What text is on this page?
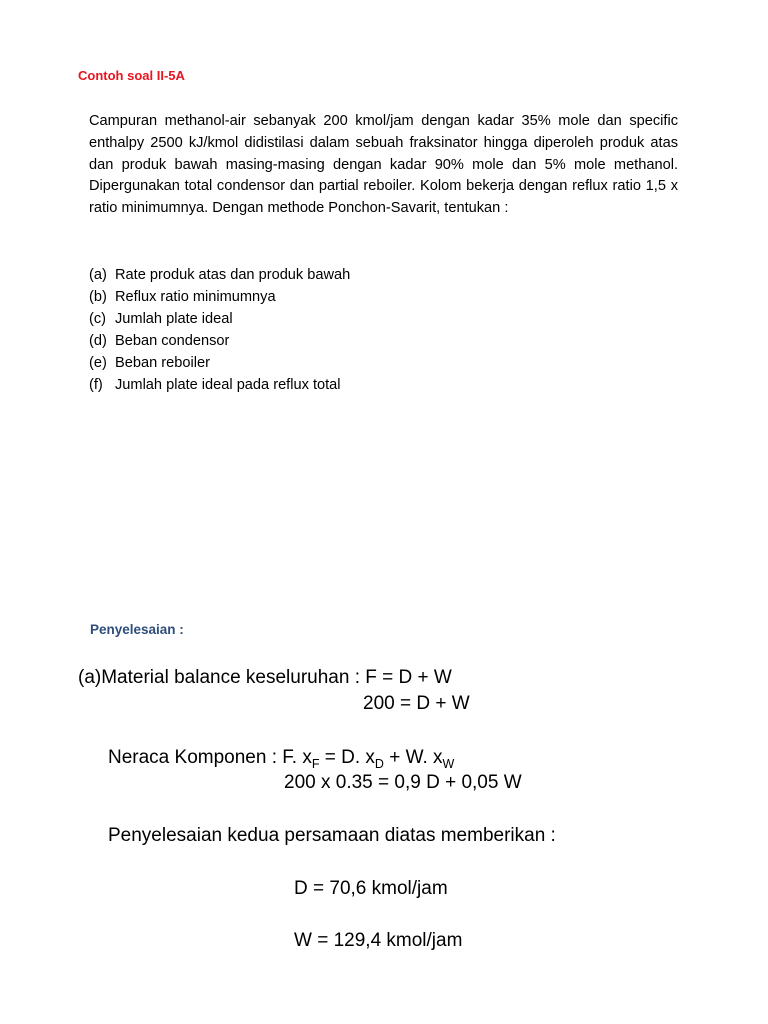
Contoh soal II-5A

Campuran methanol-air sebanyak 200 kmol/jam dengan kadar 35% mole dan specific enthalpy 2500 kJ/kmol didistilasi dalam sebuah fraksinator hingga diperoleh produk atas dan produk bawah masing-masing dengan kadar 90% mole dan 5% mole methanol. Dipergunakan total condensor dan partial reboiler. Kolom bekerja dengan reflux ratio 1,5 x ratio minimumnya. Dengan methode Ponchon-Savarit, tentukan :

(a) Rate produk atas dan produk bawah
(b) Reflux ratio minimumnya
(c) Jumlah plate ideal
(d) Beban condensor
(e) Beban reboiler
(f) Jumlah plate ideal pada reflux total
Penyelesaian :
(a)Material balance keseluruhan : F = D + W
200 = D + W
Neraca Komponen : F. $x_F = D$. $x_D + W$. $x_W$
200 x 0.35 = 0,9 D + 0,05 W
Penyelesaian kedua persamaan diatas memberikan :
D = 70,6 kmol/jam
W = 129,4 kmol/jam
